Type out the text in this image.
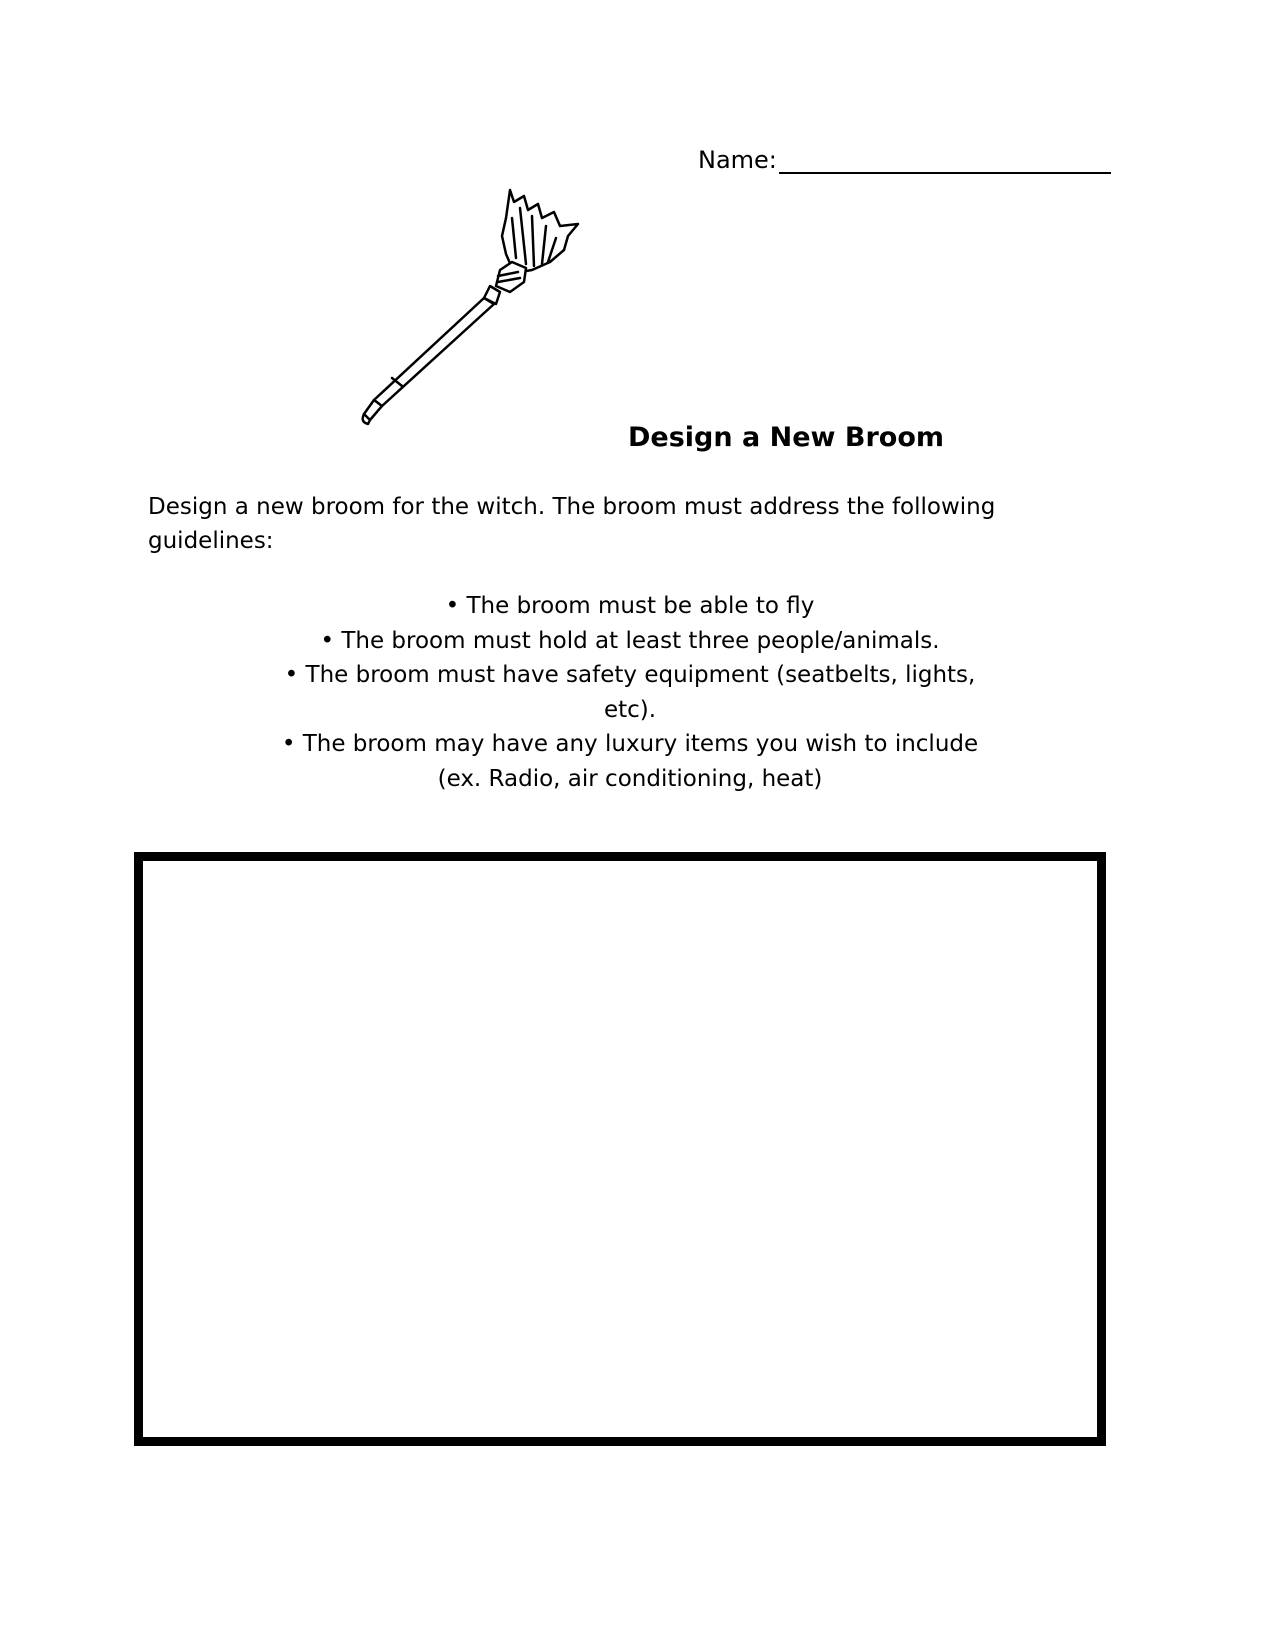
Name:
Design a New Broom
Design a new broom for the witch. The broom must address the following guidelines:
• The broom must be able to fly
• The broom must hold at least three people/animals.
• The broom must have safety equipment (seatbelts, lights, etc).
• The broom may have any luxury items you wish to include (ex. Radio, air conditioning, heat)
